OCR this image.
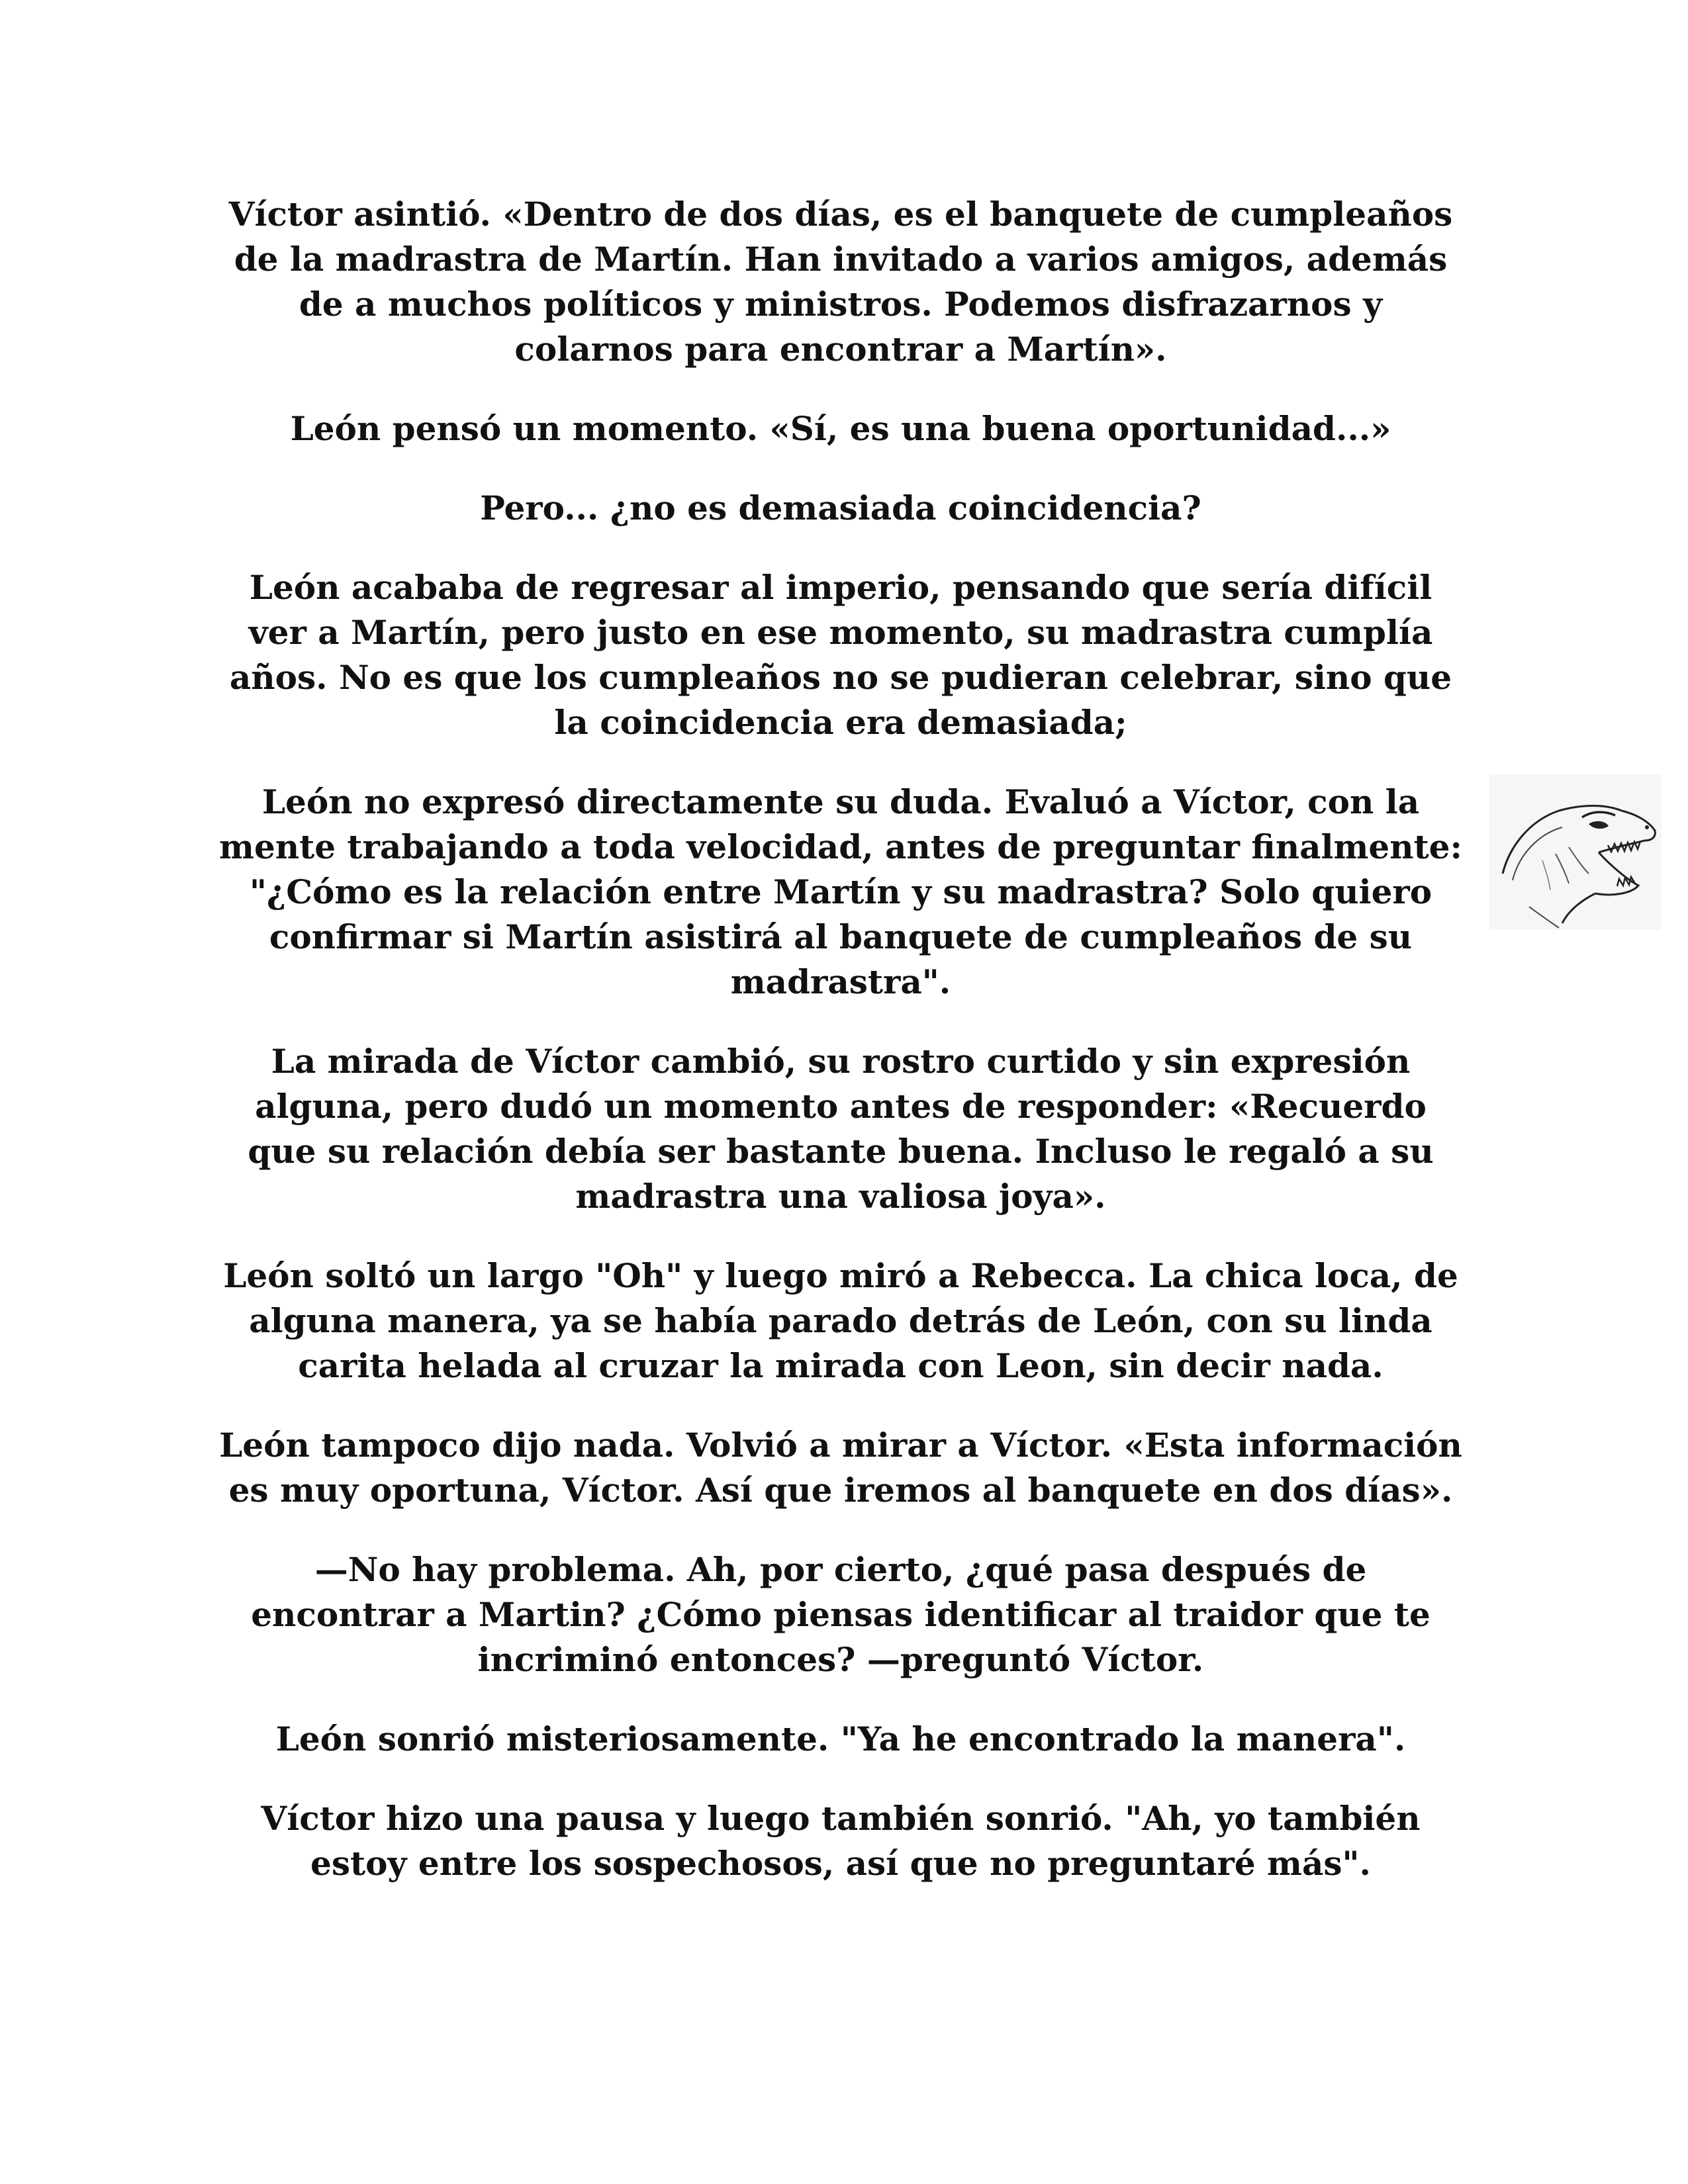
Víctor asintió. «Dentro de dos días, es el banquete de cumpleaños de la madrastra de Martín. Han invitado a varios amigos, además de a muchos políticos y ministros. Podemos disfrazarnos y colarnos para encontrar a Martín».

León pensó un momento. «Sí, es una buena oportunidad...»

Pero... ¿no es demasiada coincidencia?

León acababa de regresar al imperio, pensando que sería difícil ver a Martín, pero justo en ese momento, su madrastra cumplía años. No es que los cumpleaños no se pudieran celebrar, sino que la coincidencia era demasiada;

León no expresó directamente su duda. Evaluó a Víctor, con la mente trabajando a toda velocidad, antes de preguntar finalmente: "¿Cómo es la relación entre Martín y su madrastra? Solo quiero confirmar si Martín asistirá al banquete de cumpleaños de su madrastra".

La mirada de Víctor cambió, su rostro curtido y sin expresión alguna, pero dudó un momento antes de responder: «Recuerdo que su relación debía ser bastante buena. Incluso le regaló a su madrastra una valiosa joya».

León soltó un largo "Oh" y luego miró a Rebecca. La chica loca, de alguna manera, ya se había parado detrás de León, con su linda carita helada al cruzar la mirada con Leon, sin decir nada.

León tampoco dijo nada. Volvió a mirar a Víctor. «Esta información es muy oportuna, Víctor. Así que iremos al banquete en dos días».

—No hay problema. Ah, por cierto, ¿qué pasa después de encontrar a Martin? ¿Cómo piensas identificar al traidor que te incriminó entonces? —preguntó Víctor.

León sonrió misteriosamente. "Ya he encontrado la manera".

Víctor hizo una pausa y luego también sonrió. "Ah, yo también estoy entre los sospechosos, así que no preguntaré más".
